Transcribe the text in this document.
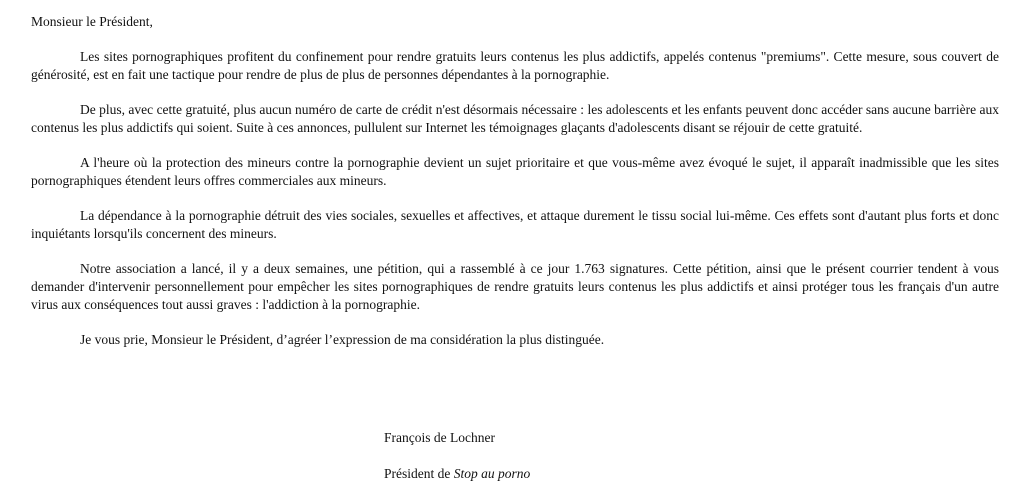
Monsieur le Président,

Les sites pornographiques profitent du confinement pour rendre gratuits leurs contenus les plus addictifs, appelés contenus "premiums". Cette mesure, sous couvert de générosité, est en fait une tactique pour rendre de plus de plus de personnes dépendantes à la pornographie.

De plus, avec cette gratuité, plus aucun numéro de carte de crédit n'est désormais nécessaire : les adolescents et les enfants peuvent donc accéder sans aucune barrière aux contenus les plus addictifs qui soient. Suite à ces annonces, pullulent sur Internet les témoignages glaçants d'adolescents disant se réjouir de cette gratuité.

A l'heure où la protection des mineurs contre la pornographie devient un sujet prioritaire et que vous-même avez évoqué le sujet, il apparaît inadmissible que les sites pornographiques étendent leurs offres commerciales aux mineurs.

La dépendance à la pornographie détruit des vies sociales, sexuelles et affectives, et attaque durement le tissu social lui-même. Ces effets sont d'autant plus forts et donc inquiétants lorsqu'ils concernent des mineurs.

Notre association a lancé, il y a deux semaines, une pétition, qui a rassemblé à ce jour 1.763 signatures. Cette pétition, ainsi que le présent courrier tendent à vous demander d'intervenir personnellement pour empêcher les sites pornographiques de rendre gratuits leurs contenus les plus addictifs et ainsi protéger tous les français d'un autre virus aux conséquences tout aussi graves : l'addiction à la pornographie.

Je vous prie, Monsieur le Président, d’agréer l’expression de ma considération la plus distinguée.

François de Lochner

Président de Stop au porno
